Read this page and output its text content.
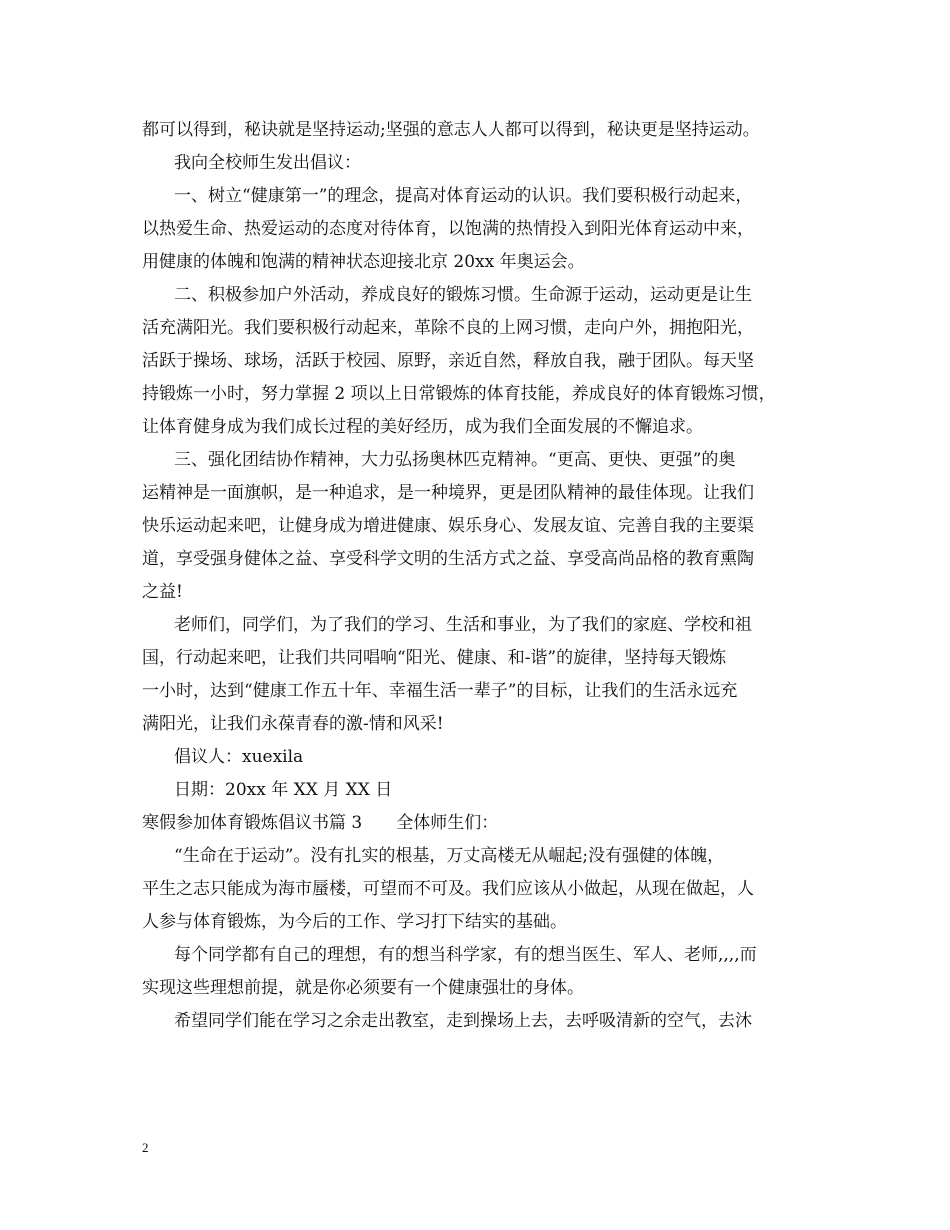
都可以得到，秘诀就是坚持运动;坚强的意志人人都可以得到，秘诀更是坚持运动。
我向全校师生发出倡议：
一、树立“健康第一”的理念，提高对体育运动的认识。我们要积极行动起来，
以热爱生命、热爱运动的态度对待体育，以饱满的热情投入到阳光体育运动中来，
用健康的体魄和饱满的精神状态迎接北京 20xx 年奥运会。
二、积极参加户外活动，养成良好的锻炼习惯。生命源于运动，运动更是让生
活充满阳光。我们要积极行动起来，革除不良的上网习惯，走向户外，拥抱阳光，
活跃于操场、球场，活跃于校园、原野，亲近自然，释放自我，融于团队。每天坚
持锻炼一小时，努力掌握 2 项以上日常锻炼的体育技能，养成良好的体育锻炼习惯，
让体育健身成为我们成长过程的美好经历，成为我们全面发展的不懈追求。
三、强化团结协作精神，大力弘扬奥林匹克精神。“更高、更快、更强”的奥
运精神是一面旗帜，是一种追求，是一种境界，更是团队精神的最佳体现。让我们
快乐运动起来吧，让健身成为增进健康、娱乐身心、发展友谊、完善自我的主要渠
道，享受强身健体之益、享受科学文明的生活方式之益、享受高尚品格的教育熏陶
之益!
老师们，同学们，为了我们的学习、生活和事业，为了我们的家庭、学校和祖
国，行动起来吧，让我们共同唱响“阳光、健康、和-谐”的旋律，坚持每天锻炼
一小时，达到“健康工作五十年、幸福生活一辈子”的目标，让我们的生活永远充
满阳光，让我们永葆青春的激-情和风采!
倡议人：xuexila
日期：20xx 年 XX 月 XX 日
寒假参加体育锻炼倡议书篇 3　　全体师生们：
“生命在于运动”。没有扎实的根基，万丈高楼无从崛起;没有强健的体魄，
平生之志只能成为海市蜃楼，可望而不可及。我们应该从小做起，从现在做起，人
人参与体育锻炼，为今后的工作、学习打下结实的基础。
每个同学都有自己的理想，有的想当科学家，有的想当医生、军人、老师,,,,而
实现这些理想前提，就是你必须要有一个健康强壮的身体。
希望同学们能在学习之余走出教室，走到操场上去，去呼吸清新的空气，去沐
2
